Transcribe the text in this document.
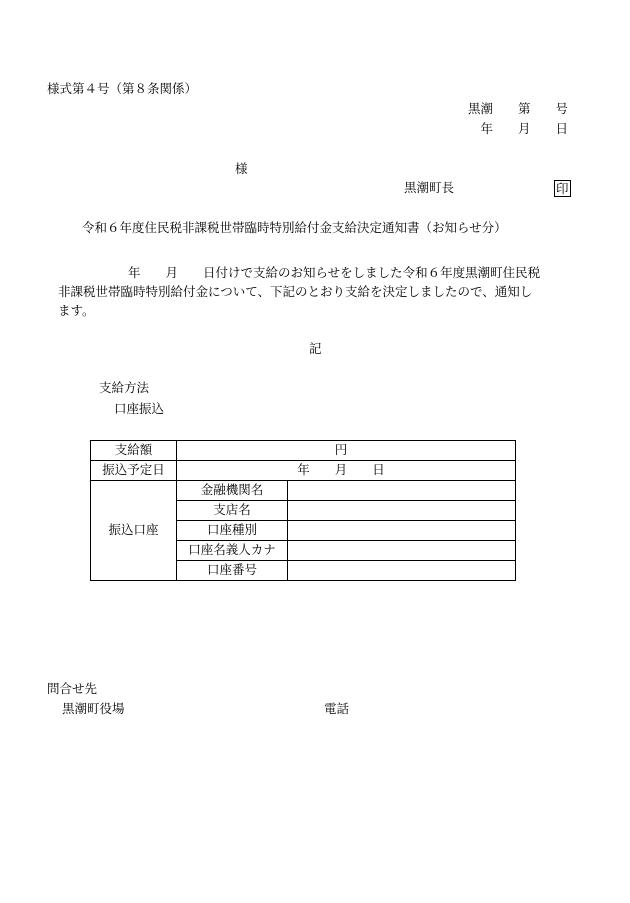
様式第４号（第８条関係）
黒潮　　第　　号
年　　月　　日
様
黒潮町長	印
令和６年度住民税非課税世帯臨時特別給付金支給決定通知書（お知らせ分）
年　　月　　日付けで支給のお知らせをしました令和６年度黒潮町住民税
非課税世帯臨時特別給付金について、下記のとおり支給を決定しましたので、通知し
ます。
記
支給方法
口座振込
支給額	円	
振込予定日	年　　月　　日	
振込口座	金融機関名	
	支店名	
	口座種別	
	口座名義人カナ	
	口座番号	
問合せ先
黒潮町役場	電話
